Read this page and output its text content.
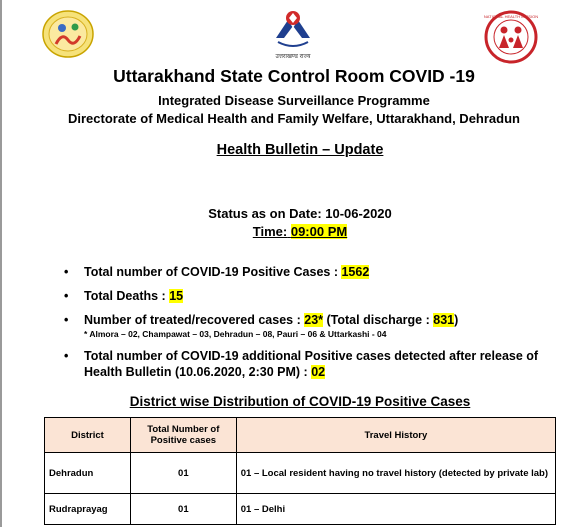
उत्तराखण्ड राज्य
NATIONAL HEALTH MISSION
Uttarakhand State Control Room COVID -19
Integrated Disease Surveillance Programme
Directorate of Medical Health and Family Welfare, Uttarakhand, Dehradun
Health Bulletin – Update
Status as on Date: 10-06-2020
Time: 09:00 PM
• Total number of COVID-19 Positive Cases : 1562
• Total Deaths : 15
• Number of treated/recovered cases : 23* (Total discharge : 831)
* Almora – 02, Champawat – 03, Dehradun – 08, Pauri – 06 & Uttarkashi - 04
• Total number of COVID-19 additional Positive cases detected after release of Health Bulletin (10.06.2020, 2:30 PM) : 02
District wise Distribution of COVID-19 Positive Cases
District	Total Number of Positive cases	Travel History
Dehradun	01	01 – Local resident having no travel history (detected by private lab)
Rudraprayag	01	01 – Delhi
